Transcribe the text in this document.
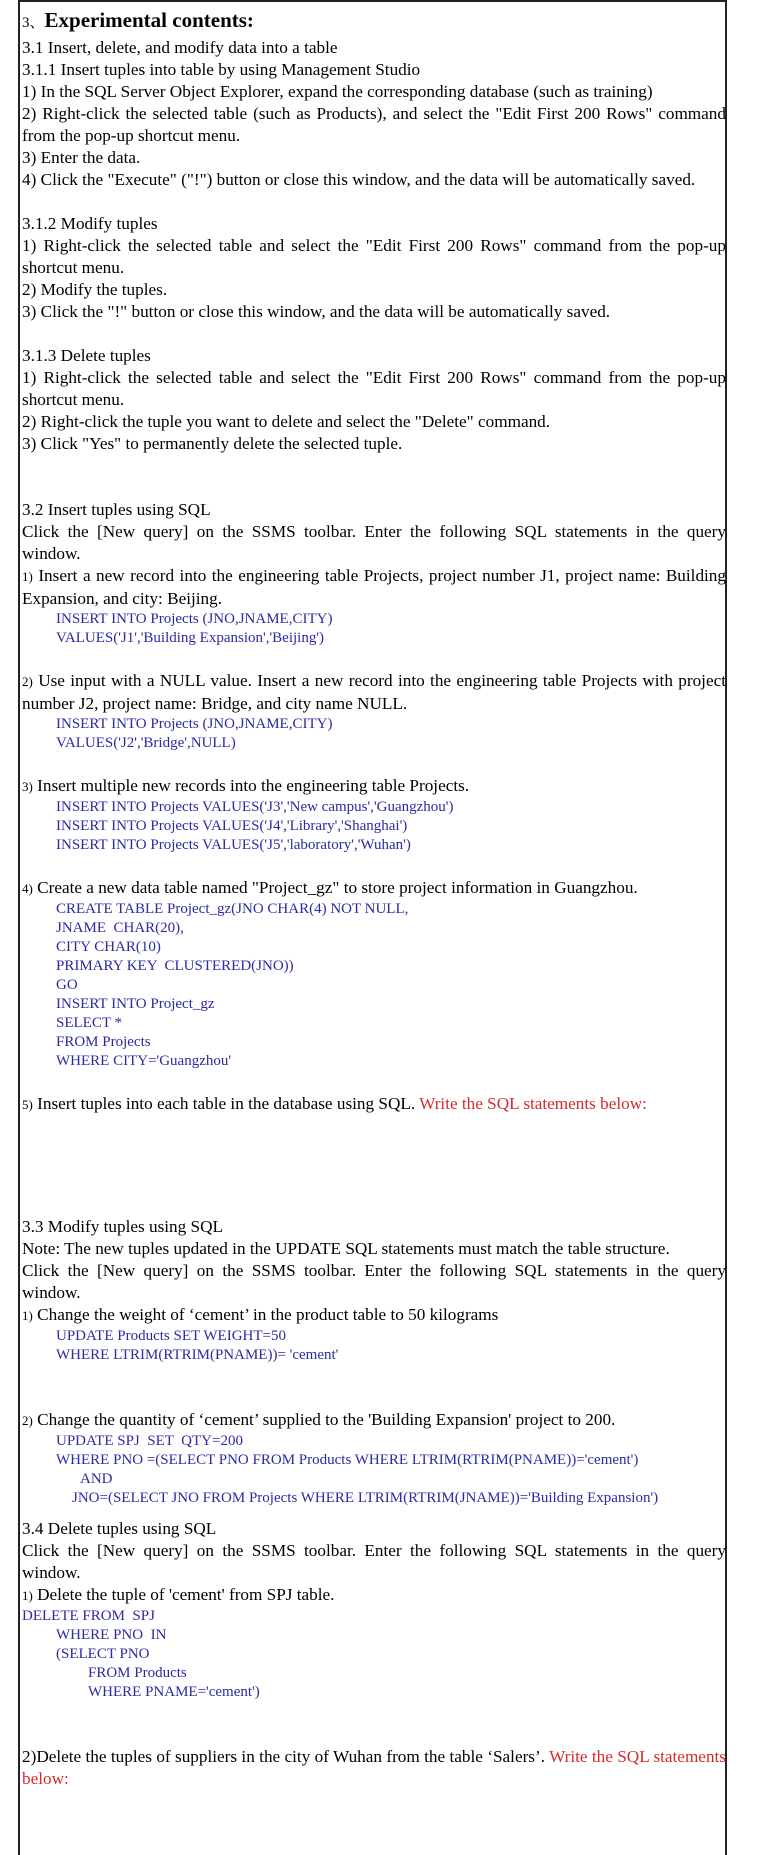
3、Experimental contents:
3.1 Insert, delete, and modify data into a table
3.1.1 Insert tuples into table by using Management Studio
1) In the SQL Server Object Explorer, expand the corresponding database (such as training)
2) Right-click the selected table (such as Products), and select the "Edit First 200 Rows" command from the pop-up shortcut menu.
3) Enter the data.
4) Click the "Execute" ("!") button or close this window, and the data will be automatically saved.
3.1.2 Modify tuples
1) Right-click the selected table and select the "Edit First 200 Rows" command from the pop-up shortcut menu.
2) Modify the tuples.
3) Click the "!" button or close this window, and the data will be automatically saved.
3.1.3 Delete tuples
1) Right-click the selected table and select the "Edit First 200 Rows" command from the pop-up shortcut menu.
2) Right-click the tuple you want to delete and select the "Delete" command.
3) Click "Yes" to permanently delete the selected tuple.
3.2 Insert tuples using SQL
Click the [New query] on the SSMS toolbar. Enter the following SQL statements in the query window.
1) Insert a new record into the engineering table Projects, project number J1, project name: Building Expansion, and city: Beijing.
INSERT INTO Projects (JNO,JNAME,CITY)
VALUES('J1','Building Expansion','Beijing')
2) Use input with a NULL value. Insert a new record into the engineering table Projects with project number J2, project name: Bridge, and city name NULL.
INSERT INTO Projects (JNO,JNAME,CITY)
VALUES('J2','Bridge',NULL)
3) Insert multiple new records into the engineering table Projects.
INSERT INTO Projects VALUES('J3','New campus','Guangzhou')
INSERT INTO Projects VALUES('J4','Library','Shanghai')
INSERT INTO Projects VALUES('J5','laboratory','Wuhan')
4) Create a new data table named "Project_gz" to store project information in Guangzhou.
CREATE TABLE Project_gz(JNO CHAR(4) NOT NULL,
JNAME  CHAR(20),
CITY CHAR(10)
PRIMARY KEY  CLUSTERED(JNO))
GO
INSERT INTO Project_gz
SELECT *
FROM Projects
WHERE CITY='Guangzhou'
5) Insert tuples into each table in the database using SQL. Write the SQL statements below:
3.3 Modify tuples using SQL
Note: The new tuples updated in the UPDATE SQL statements must match the table structure.
Click the [New query] on the SSMS toolbar. Enter the following SQL statements in the query window.
1) Change the weight of ‘cement’ in the product table to 50 kilograms
UPDATE Products SET WEIGHT=50
WHERE LTRIM(RTRIM(PNAME))= 'cement'
2) Change the quantity of ‘cement’ supplied to the 'Building Expansion' project to 200.
UPDATE SPJ  SET  QTY=200
WHERE PNO =(SELECT PNO FROM Products WHERE LTRIM(RTRIM(PNAME))='cement')
AND
JNO=(SELECT JNO FROM Projects WHERE LTRIM(RTRIM(JNAME))='Building Expansion')
3.4 Delete tuples using SQL
Click the [New query] on the SSMS toolbar. Enter the following SQL statements in the query window.
1) Delete the tuple of 'cement' from SPJ table.
DELETE FROM  SPJ
WHERE PNO  IN
(SELECT PNO
FROM Products
WHERE PNAME='cement')
2)Delete the tuples of suppliers in the city of Wuhan from the table ‘Salers’. Write the SQL statements below:
